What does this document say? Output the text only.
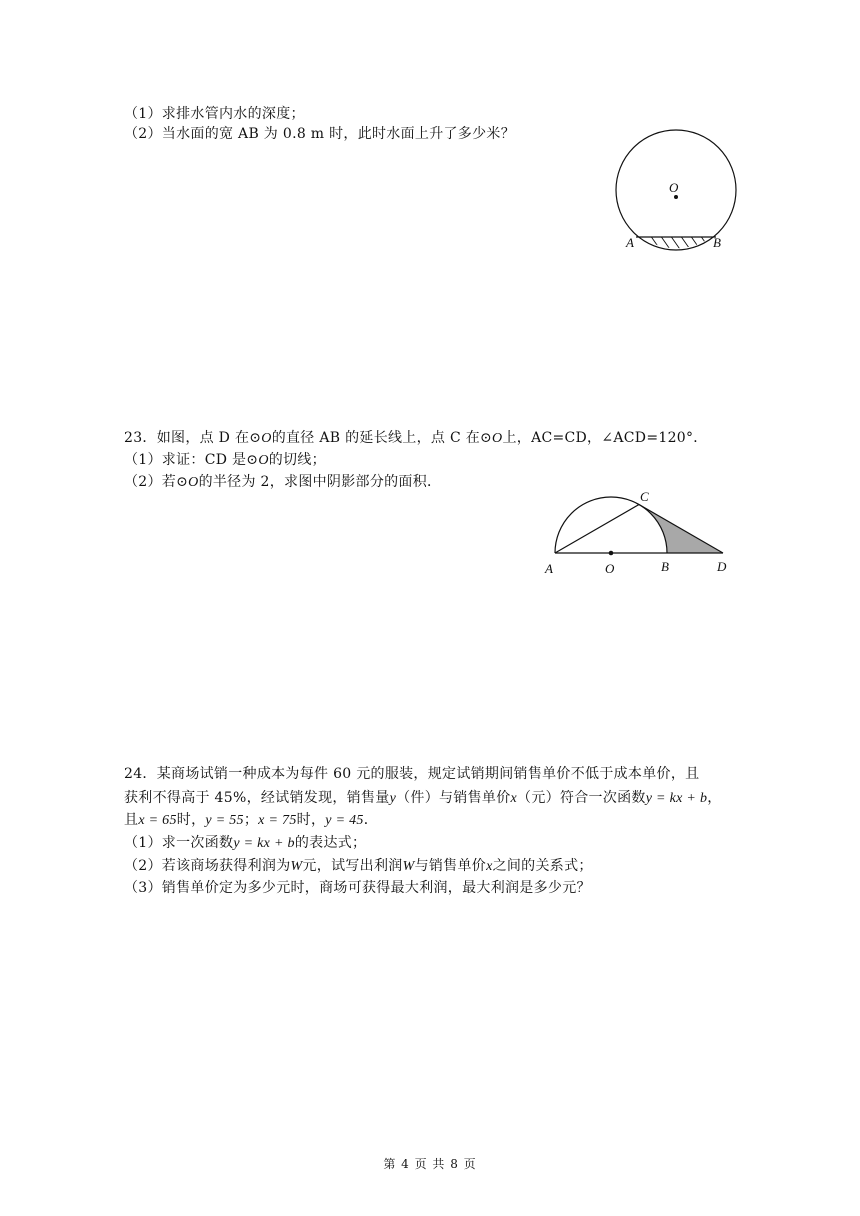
（1）求排水管内水的深度；
（2）当水面的宽 AB 为 0.8 m 时，此时水面上升了多少米？
O
A	B
23．如图，点 D 在⊙O的直径 AB 的延长线上，点 C 在⊙O上，AC=CD，∠ACD=120°．
（1）求证：CD 是⊙O的切线；
（2）若⊙O的半径为 2，求图中阴影部分的面积．
A	O	B
C
D
24．某商场试销一种成本为每件 60 元的服装，规定试销期间销售单价不低于成本单价，且
获利不得高于 45%，经试销发现，销售量y（件）与销售单价x（元）符合一次函数y = kx + b，
且x = 65时，y = 55；x = 75时，y = 45．
（1）求一次函数y = kx + b的表达式；
（2）若该商场获得利润为W元，试写出利润W与销售单价x之间的关系式；
（3）销售单价定为多少元时，商场可获得最大利润，最大利润是多少元？
第 4 页 共 8 页
